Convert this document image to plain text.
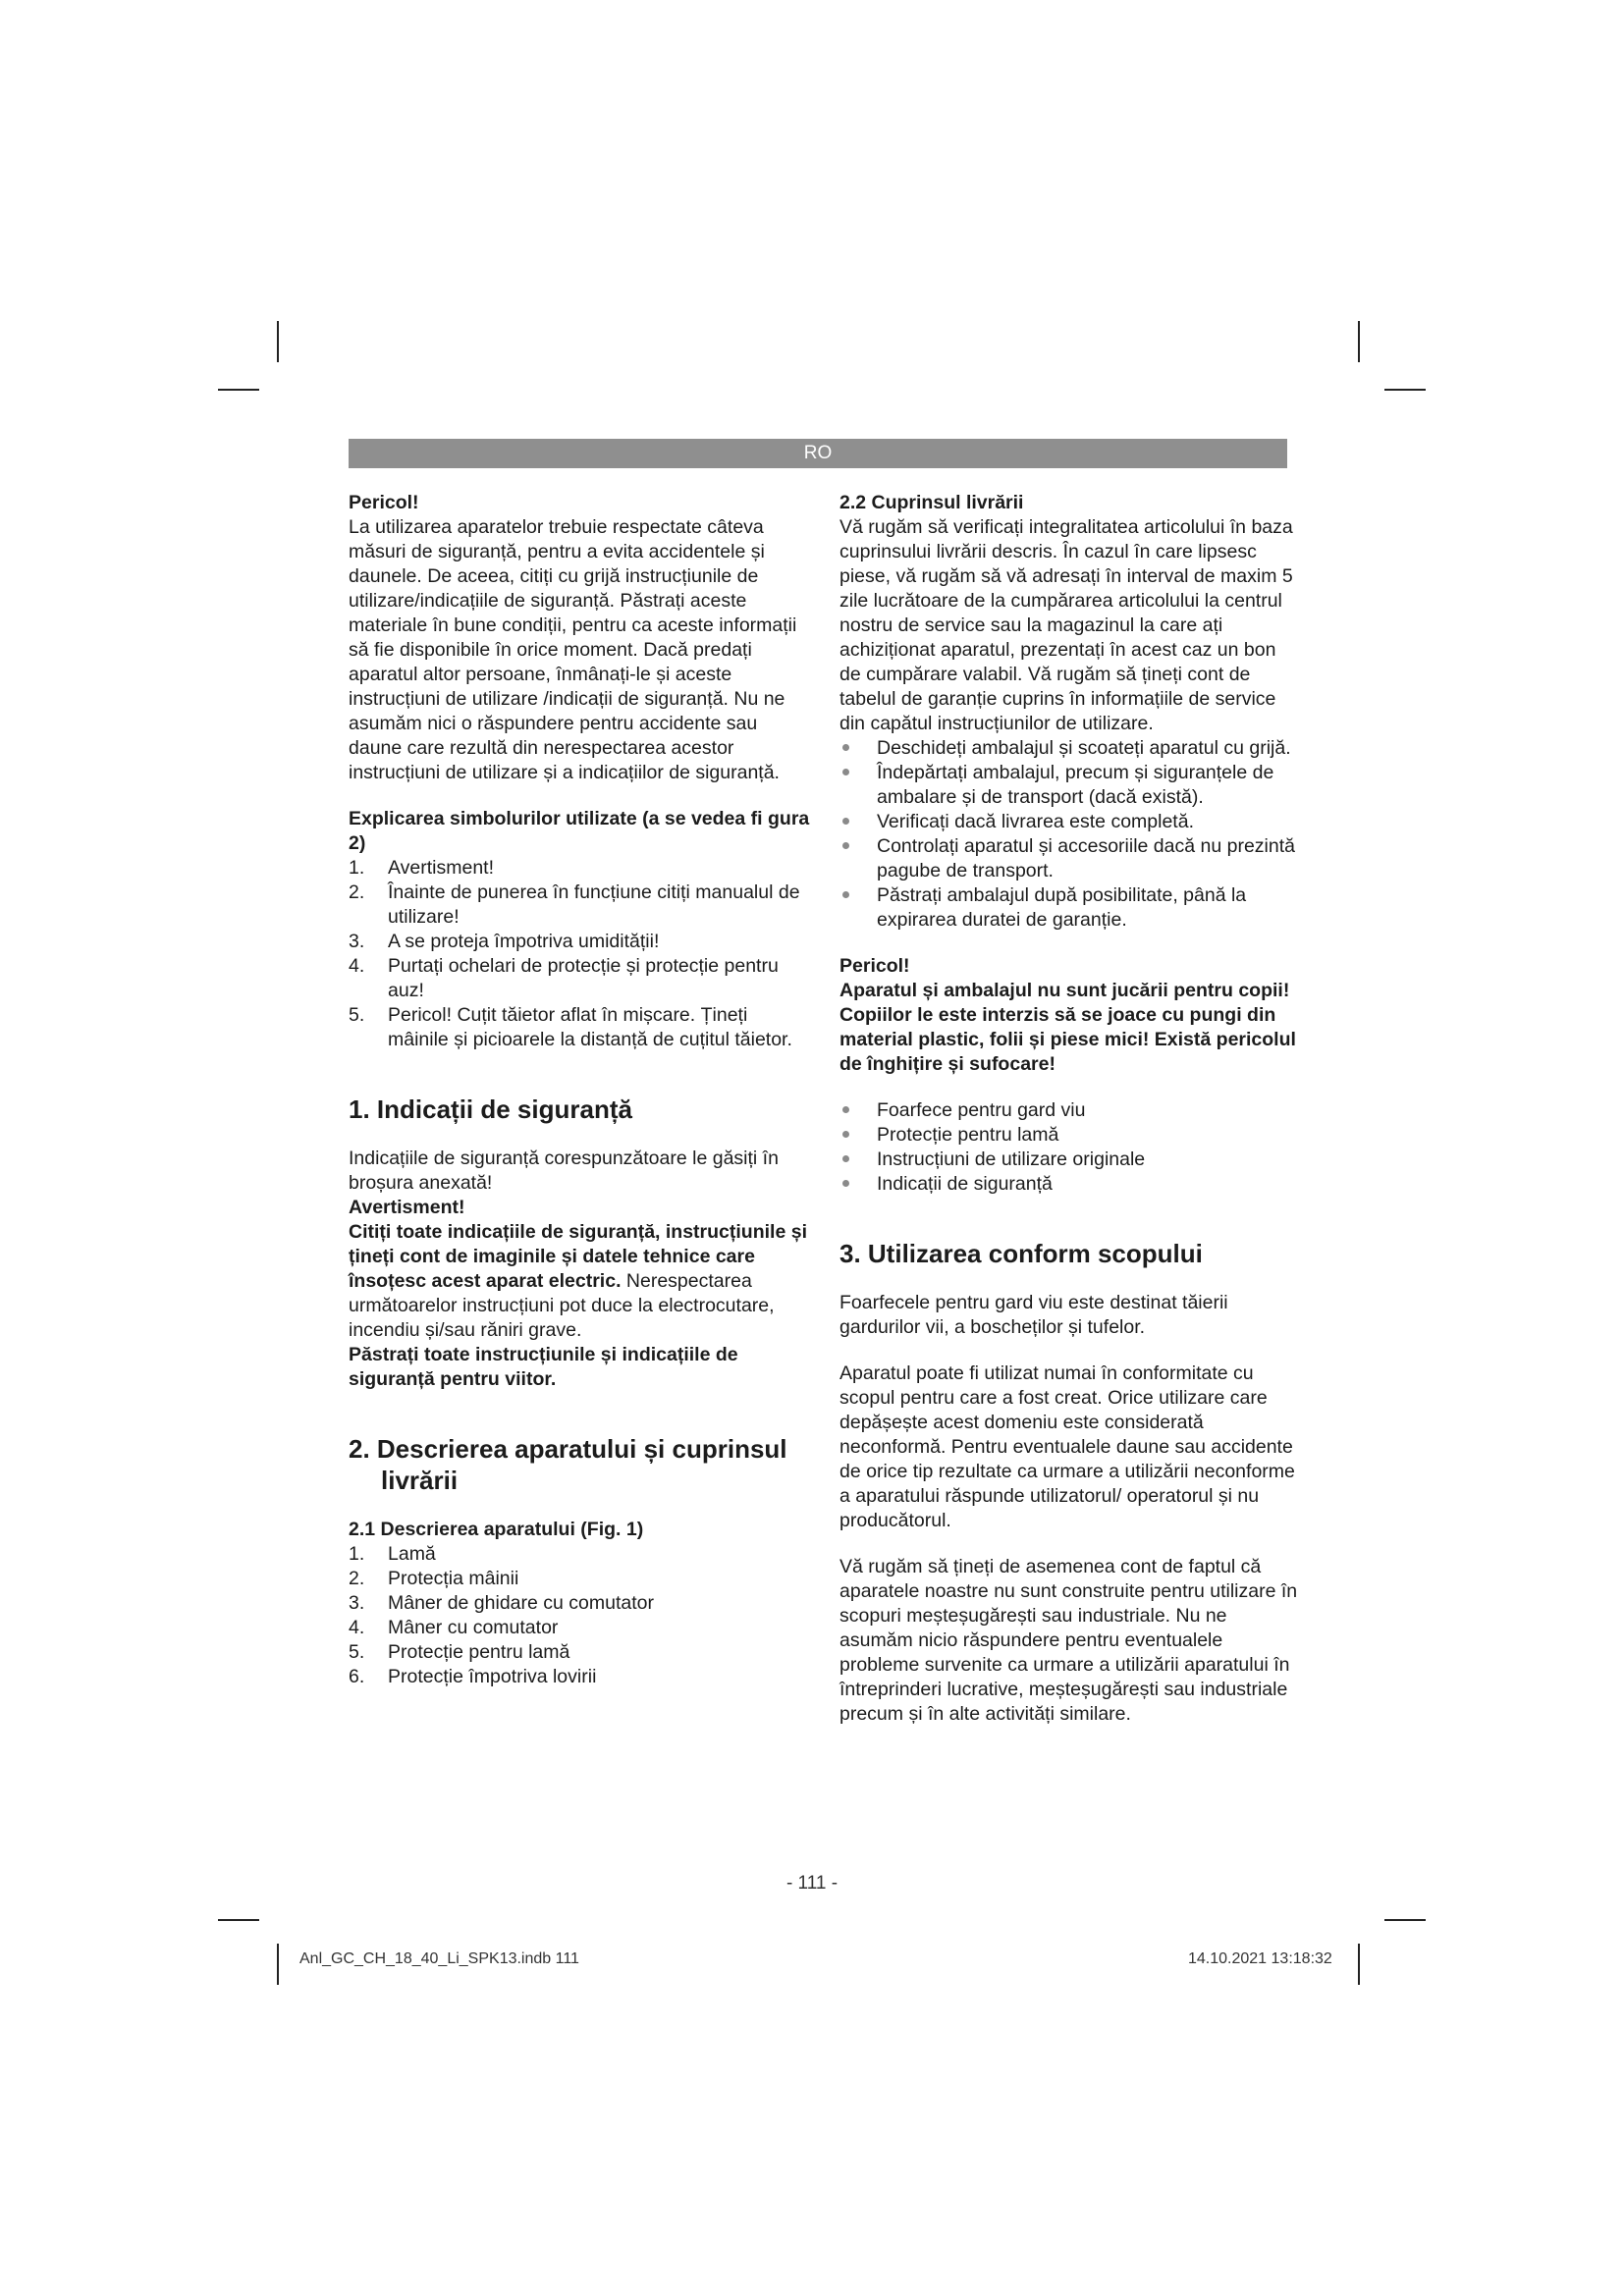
RO

Pericol!

La utilizarea aparatelor trebuie respectate câteva măsuri de siguranță, pentru a evita accidentele și daunele. De aceea, citiți cu grijă instrucțiunile de utilizare/indicațiile de siguranță. Păstrați aceste materiale în bune condiții, pentru ca aceste informații să fie disponibile în orice moment. Dacă predați aparatul altor persoane, înmânați-le și aceste instrucțiuni de utilizare /indicații de siguranță. Nu ne asumăm nici o răspundere pentru accidente sau daune care rezultă din nerespectarea acestor instrucțiuni de utilizare și a indicațiilor de siguranță.

Explicarea simbolurilor utilizate (a se vedea fi gura 2)

1. Avertisment!
2. Înainte de punerea în funcțiune citiți manualul de utilizare!
3. A se proteja împotriva umidității!
4. Purtați ochelari de protecție și protecție pentru auz!
5. Pericol! Cuțit tăietor aflat în mișcare. Țineți mâinile și picioarele la distanță de cuțitul tăietor.
1. Indicații de siguranță

Indicațiile de siguranță corespunzătoare le găsiți în broșura anexată!

Avertisment!

Citiți toate indicațiile de siguranță, instrucțiunile și țineți cont de imaginile și datele tehnice care însoțesc acest aparat electric. Nerespectarea următoarelor instrucțiuni pot duce la electrocutare, incendiu și/sau răniri grave.

Păstrați toate instrucțiunile și indicațiile de siguranță pentru viitor.

2. Descrierea aparatului și cuprinsul
livrării

2.1 Descrierea aparatului (Fig. 1)

1. Lamă
2. Protecția mâinii
3. Mâner de ghidare cu comutator
4. Mâner cu comutator
5. Protecție pentru lamă
6. Protecție împotriva lovirii

2.2 Cuprinsul livrării

Vă rugăm să verificați integralitatea articolului în baza cuprinsului livrării descris. În cazul în care lipsesc piese, vă rugăm să vă adresați în interval de maxim 5 zile lucrătoare de la cumpărarea articolului la centrul nostru de service sau la magazinul la care ați achiziționat aparatul, prezentați în acest caz un bon de cumpărare valabil. Vă rugăm să țineți cont de tabelul de garanție cuprins în informațiile de service din capătul instrucțiunilor de utilizare.

Deschideți ambalajul și scoateți aparatul cu grijă.
Îndepărtați ambalajul, precum și siguranțele de ambalare și de transport (dacă există).
Verificați dacă livrarea este completă.
Controlați aparatul și accesoriile dacă nu prezintă pagube de transport.
Păstrați ambalajul după posibilitate, până la expirarea duratei de garanție.

Pericol!

Aparatul și ambalajul nu sunt jucării pentru copii! Copiilor le este interzis să se joace cu pungi din material plastic, folii și piese mici! Există pericolul de înghițire și sufocare!

Foarfece pentru gard viu
Protecție pentru lamă
Instrucțiuni de utilizare originale
Indicații de siguranță
3. Utilizarea conform scopului

Foarfecele pentru gard viu este destinat tăierii gardurilor vii, a boscheților și tufelor.

Aparatul poate fi utilizat numai în conformitate cu scopul pentru care a fost creat. Orice utilizare care depășește acest domeniu este considerată neconformă. Pentru eventualele daune sau accidente de orice tip rezultate ca urmare a utilizării neconforme a aparatului răspunde utilizatorul/ operatorul și nu producătorul.

Vă rugăm să țineți de asemenea cont de faptul că aparatele noastre nu sunt construite pentru utilizare în scopuri meșteșugărești sau industriale. Nu ne asumăm nicio răspundere pentru eventualele probleme survenite ca urmare a utilizării aparatului în întreprinderi lucrative, meșteșugărești sau industriale precum și în alte activități similare.

- 111 -
Anl_GC_CH_18_40_Li_SPK13.indb 111	14.10.2021 13:18:32
